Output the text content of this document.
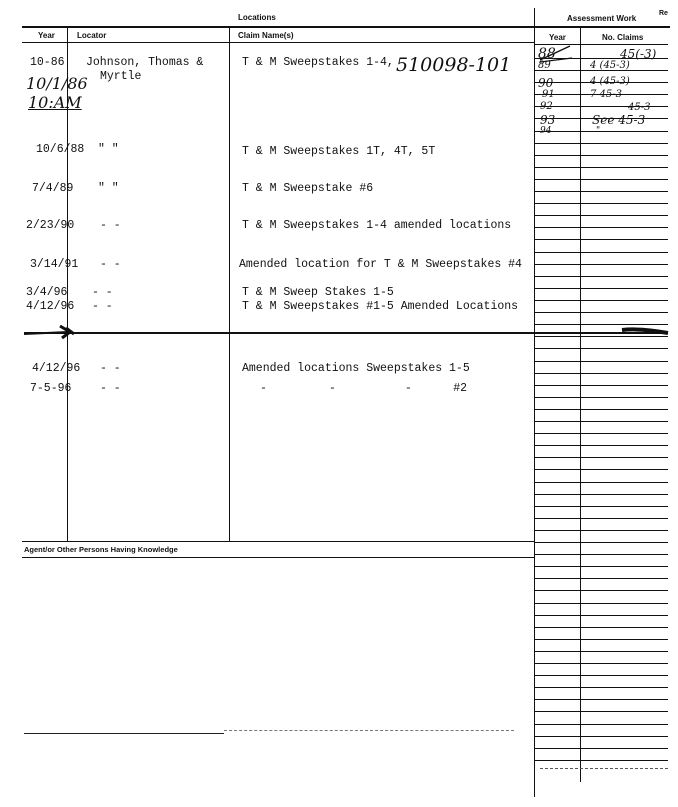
Locations	Assessment Work
Re
Year	Locator	Claim Name(s)	Year	No. Claims
Agent/or Other Persons Having Knowledge
10-86 Johnson, Thomas &	T & M Sweepstakes 1-4,
Myrtle
10/6/88 " "	T & M Sweepstakes 1T, 4T, 5T
7/4/89 " "	T & M Sweepstake #6
2/23/90 - -	T & M Sweepstakes 1-4 amended locations
3/14/91 - -	Amended location for T & M Sweepstakes #4
3/4/96 - -	T & M Sweep Stakes 1-5
4/12/96 - -	T & M Sweepstakes #1-5 Amended Locations
4/12/96 - -	Amended locations Sweepstakes 1-5
7-5-96 - -	-         -          -      #2
510098-101
10/1/86
10:AM
88	45(-3)
89	4 (45-3)
90	4 (45-3)
91	7 45-3
92	45-3
93	See 45-3
94	"
